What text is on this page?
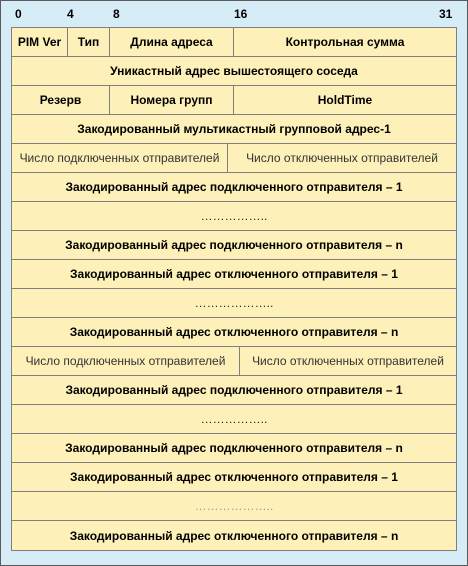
0	4	8	16	31
PIM Ver	Тип	Длина адреса	Контрольная сумма
Уникастный адрес вышестоящего соседа
Резерв	Номера групп	HoldTime
Закодированный мультикастный групповой адрес-1
Число подключенных отправителей	Число отключенных отправителей
Закодированный адрес подключенного отправителя – 1
……………..
Закодированный адрес подключенного отправителя – n
Закодированный адрес отключенного отправителя – 1
………………..
Закодированный адрес отключенного отправителя – n
Число подключенных отправителей	Число отключенных отправителей
Закодированный адрес подключенного отправителя – 1
……………..
Закодированный адрес подключенного отправителя – n
Закодированный адрес отключенного отправителя – 1
………………..
Закодированный адрес отключенного отправителя – n
